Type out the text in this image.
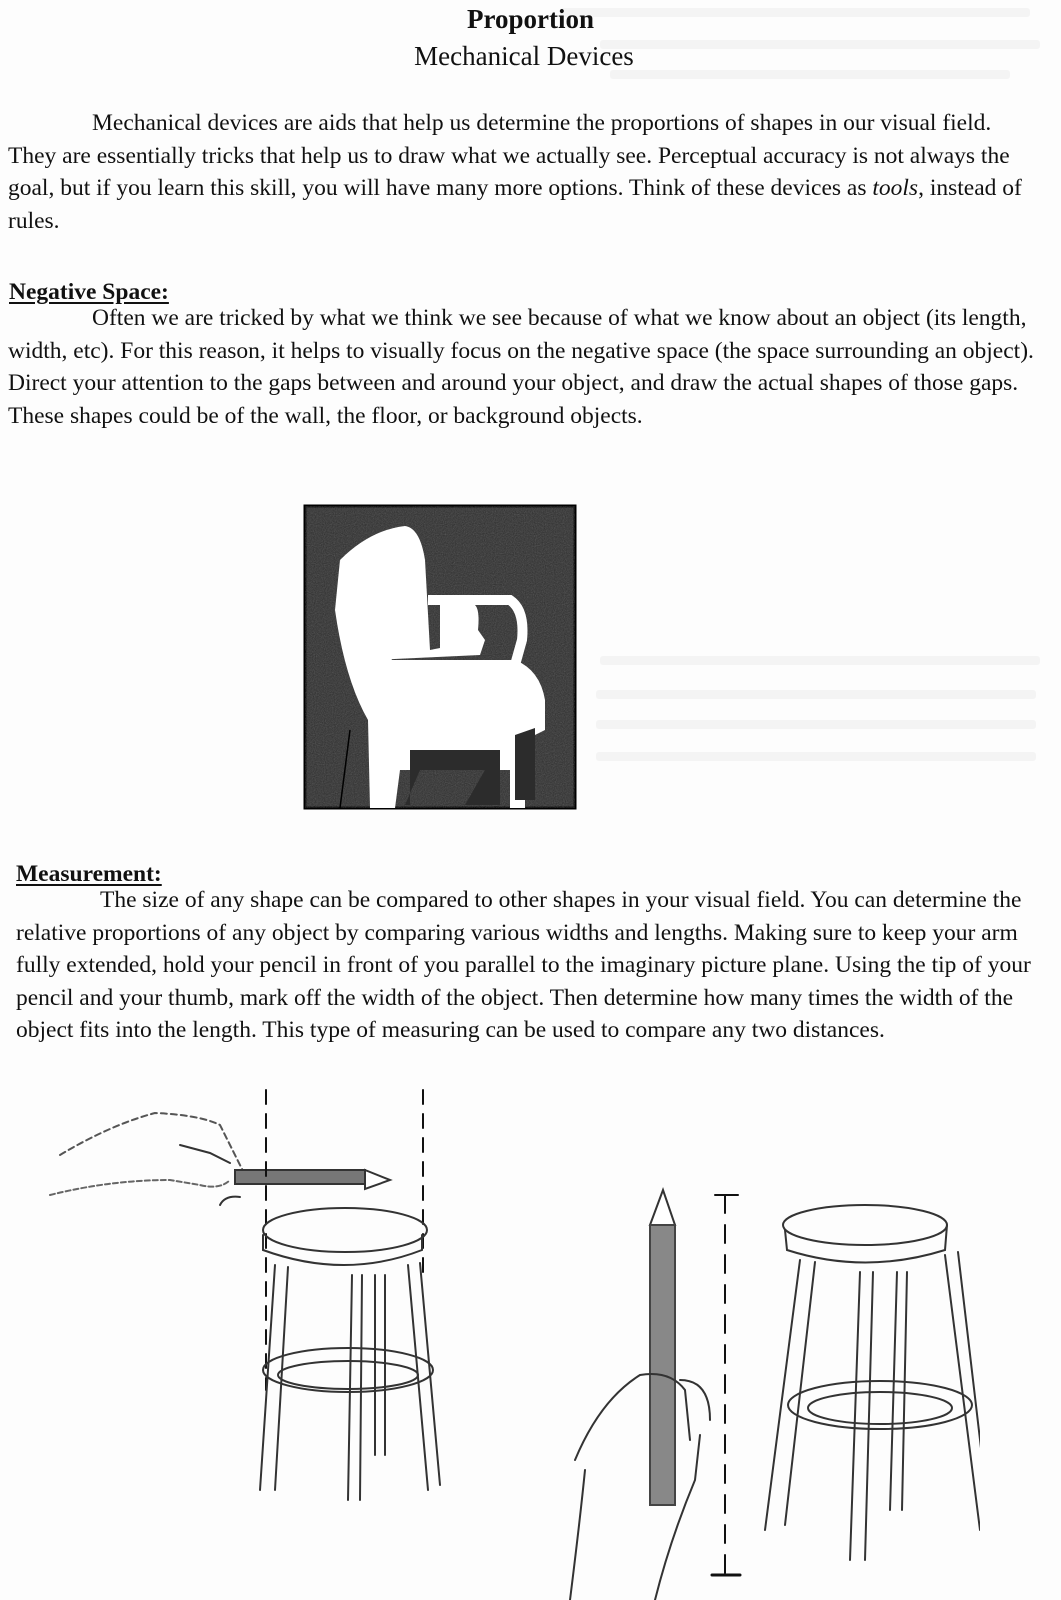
Proportion
Mechanical Devices

Mechanical devices are aids that help us determine the proportions of shapes in our visual field. They are essentially tricks that help us to draw what we actually see. Perceptual accuracy is not always the goal, but if you learn this skill, you will have many more options. Think of these devices as tools, instead of rules.

Negative Space:

Often we are tricked by what we think we see because of what we know about an object (its length, width, etc). For this reason, it helps to visually focus on the negative space (the space surrounding an object). Direct your attention to the gaps between and around your object, and draw the actual shapes of those gaps. These shapes could be of the wall, the floor, or background objects.

Measurement:

The size of any shape can be compared to other shapes in your visual field. You can determine the relative proportions of any object by comparing various widths and lengths. Making sure to keep your arm fully extended, hold your pencil in front of you parallel to the imaginary picture plane. Using the tip of your pencil and your thumb, mark off the width of the object. Then determine how many times the width of the object fits into the length. This type of measuring can be used to compare any two distances.
